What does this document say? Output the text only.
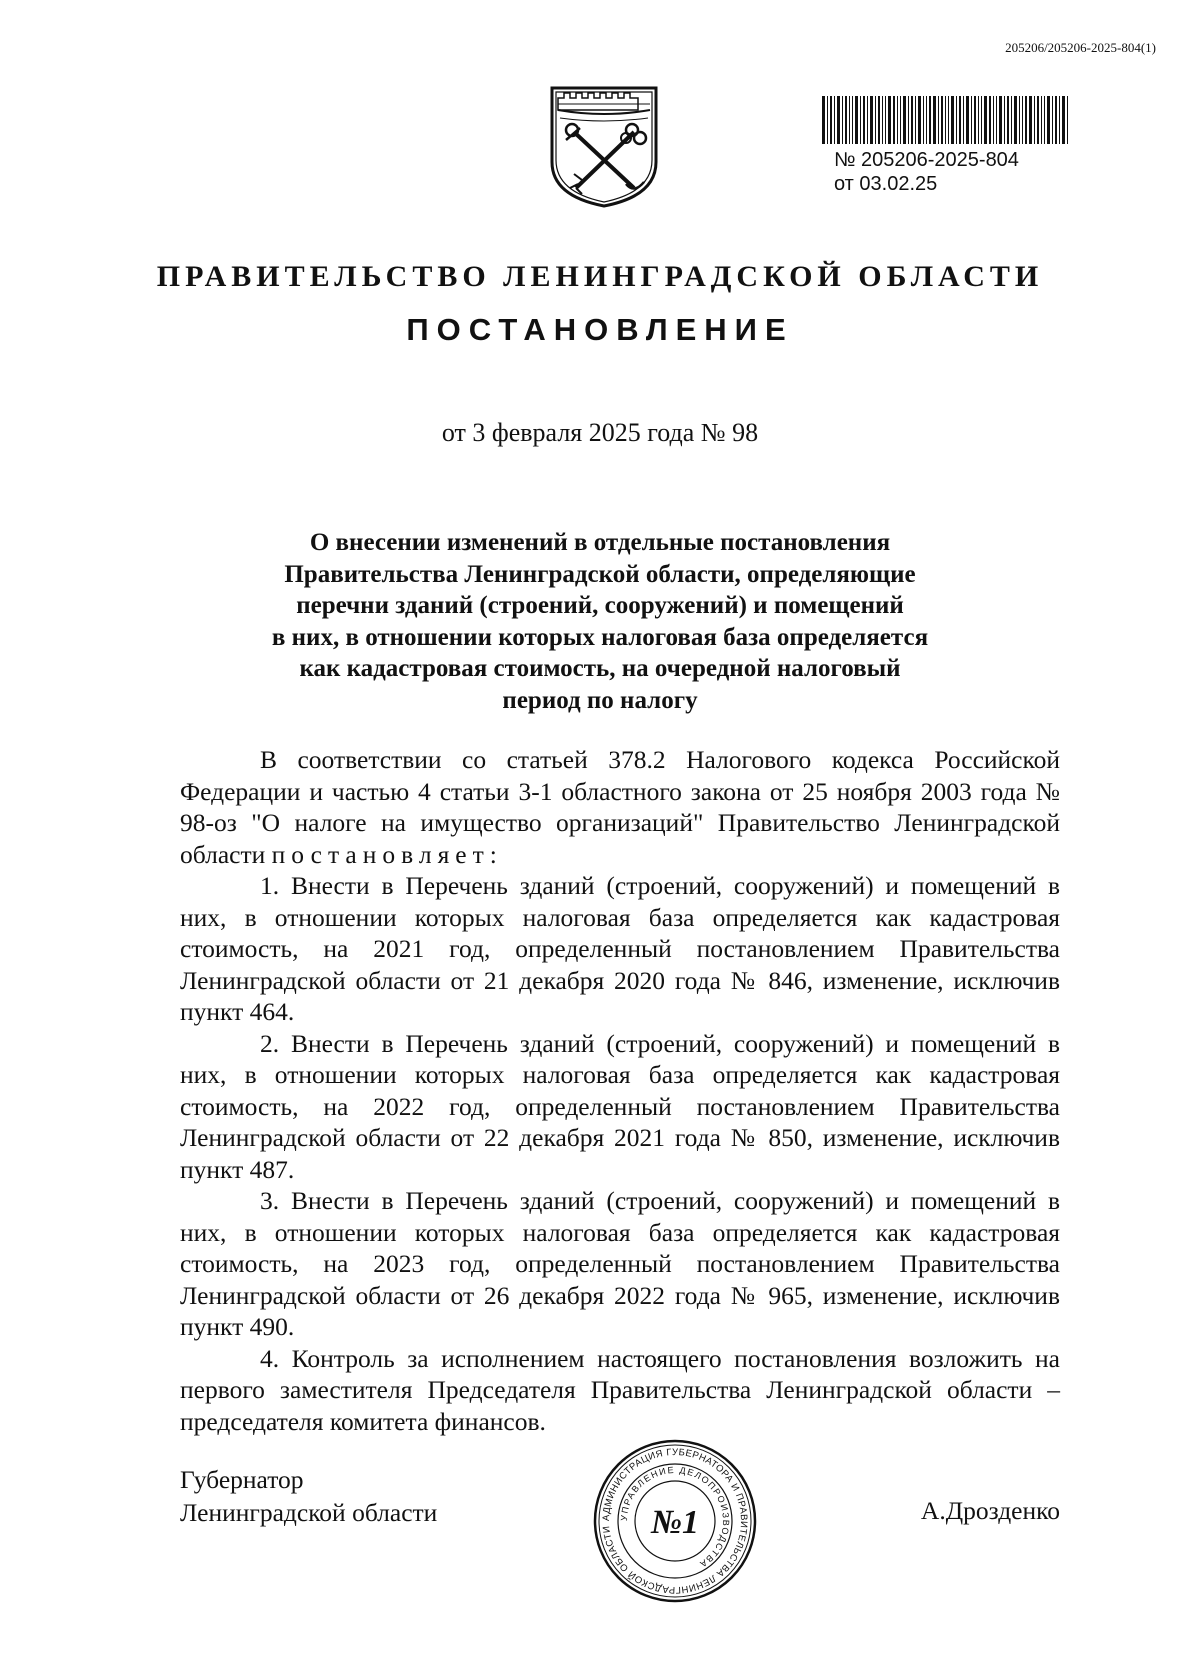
205206/205206-2025-804(1)
№ 205206-2025-804
от 03.02.25
ПРАВИТЕЛЬСТВО ЛЕНИНГРАДСКОЙ ОБЛАСТИ
ПОСТАНОВЛЕНИЕ
от 3 февраля 2025 года № 98
О внесении изменений в отдельные постановления
Правительства Ленинградской области, определяющие
перечни зданий (строений, сооружений) и помещений
в них, в отношении которых налоговая база определяется
как кадастровая стоимость, на очередной налоговый
период по налогу

В соответствии со статьей 378.2 Налогового кодекса Российской Федерации и частью 4 статьи 3-1 областного закона от 25 ноября 2003 года № 98-оз "О налоге на имущество организаций" Правительство Ленинградской области постановляет:

1. Внести в Перечень зданий (строений, сооружений) и помещений в них, в отношении которых налоговая база определяется как кадастровая стоимость, на 2021 год, определенный постановлением Правительства Ленинградской области от 21 декабря 2020 года № 846, изменение, исключив пункт 464.

2. Внести в Перечень зданий (строений, сооружений) и помещений в них, в отношении которых налоговая база определяется как кадастровая стоимость, на 2022 год, определенный постановлением Правительства Ленинградской области от 22 декабря 2021 года № 850, изменение, исключив пункт 487.

3. Внести в Перечень зданий (строений, сооружений) и помещений в них, в отношении которых налоговая база определяется как кадастровая стоимость, на 2023 год, определенный постановлением Правительства Ленинградской области от 26 декабря 2022 года № 965, изменение, исключив пункт 490.

4. Контроль за исполнением настоящего постановления возложить на первого заместителя Председателя Правительства Ленинградской области – председателя комитета финансов.

Губернатор
Ленинградской области	АДМИНИСТРАЦИЯ ГУБЕРНАТОРА И ПРАВИТЕЛЬСТВА ЛЕНИНГРАДСКОЙ ОБЛАСТИ
УПРАВЛЕНИЕ ДЕЛОПРОИЗВОДСТВА
№1	А.Дрозденко
